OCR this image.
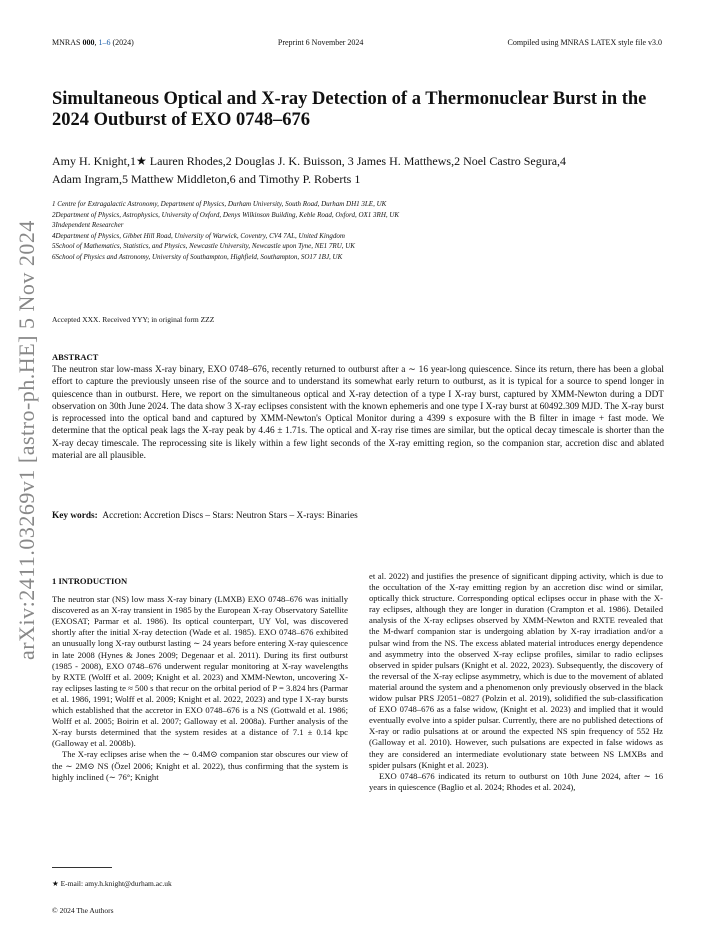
MNRAS 000, 1–6 (2024)	Preprint 6 November 2024	Compiled using MNRAS LATEX style file v3.0
arXiv:2411.03269v1 [astro-ph.HE] 5 Nov 2024
Simultaneous Optical and X-ray Detection of a Thermonuclear Burst in the 2024 Outburst of EXO 0748–676
Amy H. Knight,1★ Lauren Rhodes,2 Douglas J. K. Buisson, 3 James H. Matthews,2 Noel Castro Segura,4
Adam Ingram,5 Matthew Middleton,6 and Timothy P. Roberts 1
1 Centre for Extragalactic Astronomy, Department of Physics, Durham University, South Road, Durham DH1 3LE, UK
2Department of Physics, Astrophysics, University of Oxford, Denys Wilkinson Building, Keble Road, Oxford, OX1 3RH, UK
3Independent Researcher
4Department of Physics, Gibbet Hill Road, University of Warwick, Coventry, CV4 7AL, United Kingdom
5School of Mathematics, Statistics, and Physics, Newcastle University, Newcastle upon Tyne, NE1 7RU, UK
6School of Physics and Astronomy, University of Southampton, Highfield, Southampton, SO17 1BJ, UK
Accepted XXX. Received YYY; in original form ZZZ
ABSTRACT
The neutron star low-mass X-ray binary, EXO 0748–676, recently returned to outburst after a ∼ 16 year-long quiescence. Since its return, there has been a global effort to capture the previously unseen rise of the source and to understand its somewhat early return to outburst, as it is typical for a source to spend longer in quiescence than in outburst. Here, we report on the simultaneous optical and X-ray detection of a type I X-ray burst, captured by XMM-Newton during a DDT observation on 30th June 2024. The data show 3 X-ray eclipses consistent with the known ephemeris and one type I X-ray burst at 60492.309 MJD. The X-ray burst is reprocessed into the optical band and captured by XMM-Newton's Optical Monitor during a 4399 s exposure with the B filter in image + fast mode. We determine that the optical peak lags the X-ray peak by 4.46 ± 1.71s. The optical and X-ray rise times are similar, but the optical decay timescale is shorter than the X-ray decay timescale. The reprocessing site is likely within a few light seconds of the X-ray emitting region, so the companion star, accretion disc and ablated material are all plausible.
Key words: Accretion: Accretion Discs – Stars: Neutron Stars – X-rays: Binaries
1 INTRODUCTION

The neutron star (NS) low mass X-ray binary (LMXB) EXO 0748–676 was initially discovered as an X-ray transient in 1985 by the European X-ray Observatory Satellite (EXOSAT; Parmar et al. 1986). Its optical counterpart, UY Vol, was discovered shortly after the initial X-ray detection (Wade et al. 1985). EXO 0748–676 exhibited an unusually long X-ray outburst lasting ∼ 24 years before entering X-ray quiescence in late 2008 (Hynes & Jones 2009; Degenaar et al. 2011). During its first outburst (1985 - 2008), EXO 0748–676 underwent regular monitoring at X-ray wavelengths by RXTE (Wolff et al. 2009; Knight et al. 2023) and XMM-Newton, uncovering X-ray eclipses lasting te ≈ 500 s that recur on the orbital period of P = 3.824 hrs (Parmar et al. 1986, 1991; Wolff et al. 2009; Knight et al. 2022, 2023) and type I X-ray bursts which established that the accretor in EXO 0748–676 is a NS (Gottwald et al. 1986; Wolff et al. 2005; Boirin et al. 2007; Galloway et al. 2008a). Further analysis of the X-ray bursts determined that the system resides at a distance of 7.1 ± 0.14 kpc (Galloway et al. 2008b).

The X-ray eclipses arise when the ∼ 0.4M⊙ companion star obscures our view of the ∼ 2M⊙ NS (Özel 2006; Knight et al. 2022), thus confirming that the system is highly inclined (∼ 76°; Knight

et al. 2022) and justifies the presence of significant dipping activity, which is due to the occultation of the X-ray emitting region by an accretion disc wind or similar, optically thick structure. Corresponding optical eclipses occur in phase with the X-ray eclipses, although they are longer in duration (Crampton et al. 1986). Detailed analysis of the X-ray eclipses observed by XMM-Newton and RXTE revealed that the M-dwarf companion star is undergoing ablation by X-ray irradiation and/or a pulsar wind from the NS. The excess ablated material introduces energy dependence and asymmetry into the observed X-ray eclipse profiles, similar to radio eclipses observed in spider pulsars (Knight et al. 2022, 2023). Subsequently, the discovery of the reversal of the X-ray eclipse asymmetry, which is due to the movement of ablated material around the system and a phenomenon only previously observed in the black widow pulsar PRS J2051−0827 (Polzin et al. 2019), solidified the sub-classification of EXO 0748–676 as a false widow, (Knight et al. 2023) and implied that it would eventually evolve into a spider pulsar. Currently, there are no published detections of X-ray or radio pulsations at or around the expected NS spin frequency of 552 Hz (Galloway et al. 2010). However, such pulsations are expected in false widows as they are considered an intermediate evolutionary state between NS LMXBs and spider pulsars (Knight et al. 2023).

EXO 0748–676 indicated its return to outburst on 10th June 2024, after ∼ 16 years in quiescence (Baglio et al. 2024; Rhodes et al. 2024),

★ E-mail: amy.h.knight@durham.ac.uk
© 2024 The Authors
